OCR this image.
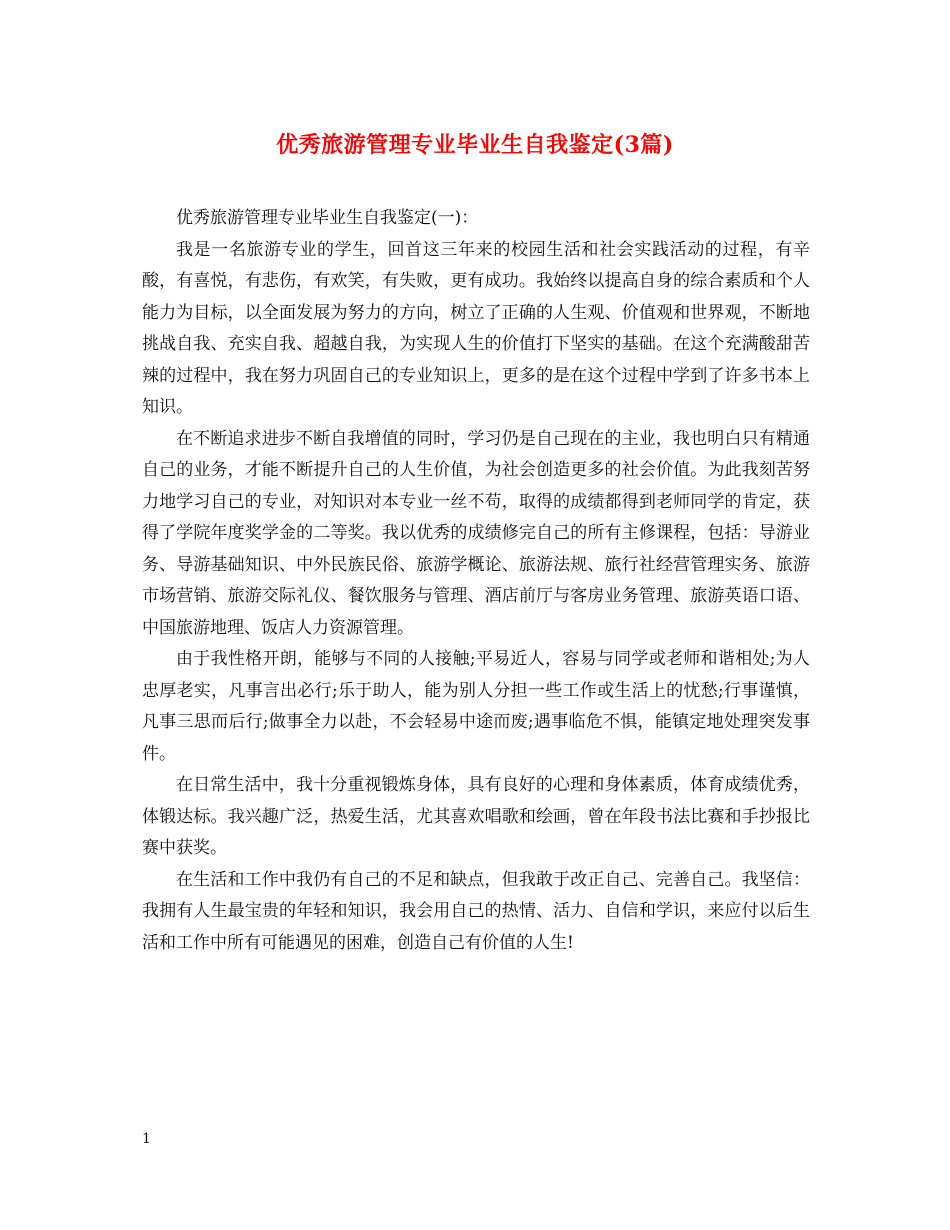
优秀旅游管理专业毕业生自我鉴定(3篇)

优秀旅游管理专业毕业生自我鉴定(一)：

我是一名旅游专业的学生，回首这三年来的校园生活和社会实践活动的过程，有辛酸，有喜悦，有悲伤，有欢笑，有失败，更有成功。我始终以提高自身的综合素质和个人能力为目标，以全面发展为努力的方向，树立了正确的人生观、价值观和世界观，不断地挑战自我、充实自我、超越自我，为实现人生的价值打下坚实的基础。在这个充满酸甜苦辣的过程中，我在努力巩固自己的专业知识上，更多的是在这个过程中学到了许多书本上知识。

在不断追求进步不断自我增值的同时，学习仍是自己现在的主业，我也明白只有精通自己的业务，才能不断提升自己的人生价值，为社会创造更多的社会价值。为此我刻苦努力地学习自己的专业，对知识对本专业一丝不苟，取得的成绩都得到老师同学的肯定，获得了学院年度奖学金的二等奖。我以优秀的成绩修完自己的所有主修课程，包括：导游业务、导游基础知识、中外民族民俗、旅游学概论、旅游法规、旅行社经营管理实务、旅游市场营销、旅游交际礼仪、餐饮服务与管理、酒店前厅与客房业务管理、旅游英语口语、中国旅游地理、饭店人力资源管理。

由于我性格开朗，能够与不同的人接触;平易近人，容易与同学或老师和谐相处;为人忠厚老实，凡事言出必行;乐于助人，能为别人分担一些工作或生活上的忧愁;行事谨慎，凡事三思而后行;做事全力以赴，不会轻易中途而废;遇事临危不惧，能镇定地处理突发事件。

在日常生活中，我十分重视锻炼身体，具有良好的心理和身体素质，体育成绩优秀，体锻达标。我兴趣广泛，热爱生活，尤其喜欢唱歌和绘画，曾在年段书法比赛和手抄报比赛中获奖。

在生活和工作中我仍有自己的不足和缺点，但我敢于改正自己、完善自己。我坚信：我拥有人生最宝贵的年轻和知识，我会用自己的热情、活力、自信和学识，来应付以后生活和工作中所有可能遇见的困难，创造自己有价值的人生!

1
